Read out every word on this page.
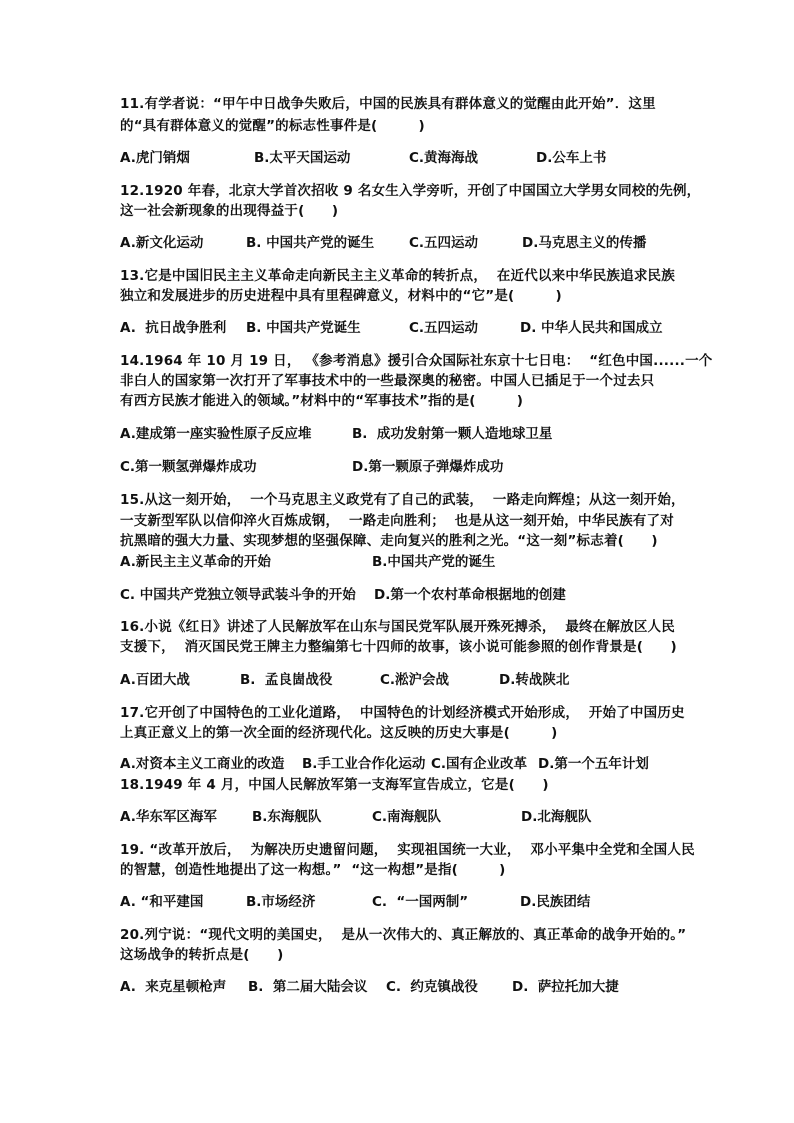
11.有学者说：“甲午中日战争失败后，中国的民族具有群体意义的觉醒由此开始”．这里
的“具有群体意义的觉醒”的标志性事件是(　　　)
A.虎门销烟	B.太平天国运动	C.黄海海战	D.公车上书
12.1920 年春，北京大学首次招收 9 名女生入学旁听，开创了中国国立大学男女同校的先例，
这一社会新现象的出现得益于(　　)
A.新文化运动	B. 中国共产党的诞生	C.五四运动	D.马克思主义的传播
13.它是中国旧民主主义革命走向新民主主义革命的转折点，  在近代以来中华民族追求民族
独立和发展进步的历史进程中具有里程碑意义，材料中的“它”是(　　　)
A.  抗日战争胜利 B. 中国共产党诞生	C.五四运动	D. 中华人民共和国成立
14.1964 年 10 月 19 日， 《参考消息》援引合众国际社东京十七日电：  “红色中国......一个
非白人的国家第一次打开了军事技术中的一些最深奥的秘密。中国人已插足于一个过去只
有西方民族才能进入的领域。”材料中的“军事技术”指的是(　　　)
A.建成第一座实验性原子反应堆	B.  成功发射第一颗人造地球卫星
C.第一颗氢弹爆炸成功	D.第一颗原子弹爆炸成功
15.从这一刻开始，  一个马克思主义政党有了自己的武装，  一路走向辉煌；从这一刻开始，
一支新型军队以信仰淬火百炼成钢，  一路走向胜利；  也是从这一刻开始，中华民族有了对
抗黑暗的强大力量、实现梦想的坚强保障、走向复兴的胜利之光。“这一刻”标志着(　　)
A.新民主主义革命的开始	B.中国共产党的诞生
C. 中国共产党独立领导武装斗争的开始 D.第一个农村革命根据地的创建
16.小说《红日》讲述了人民解放军在山东与国民党军队展开殊死搏杀，  最终在解放区人民
支援下，  消灭国民党王牌主力整编第七十四师的故事，该小说可能参照的创作背景是(　　)
A.百团大战	B.  孟良崮战役	C.淞沪会战	D.转战陕北
17.它开创了中国特色的工业化道路，  中国特色的计划经济模式开始形成，  开始了中国历史
上真正意义上的第一次全面的经济现代化。这反映的历史大事是(　　　)
A.对资本主义工商业的改造 B.手工业合作化运动 C.国有企业改革 D.第一个五年计划
18.1949 年 4 月，中国人民解放军第一支海军宣告成立，它是(　　)
A.华东军区海军	B.东海舰队	C.南海舰队	D.北海舰队
19. “改革开放后，  为解决历史遗留问题，  实现祖国统一大业，  邓小平集中全党和全国人民
的智慧，创造性地提出了这一构想。”  “这一构想”是指(　　　)
A. “和平建国	B.市场经济	C.  “一国两制”	D.民族团结
20.列宁说：“现代文明的美国史，  是从一次伟大的、真正解放的、真正革命的战争开始的。”
这场战争的转折点是(　　)
A.  来克星顿枪声 B.  第二届大陆会议 C.  约克镇战役	D.  萨拉托加大捷
